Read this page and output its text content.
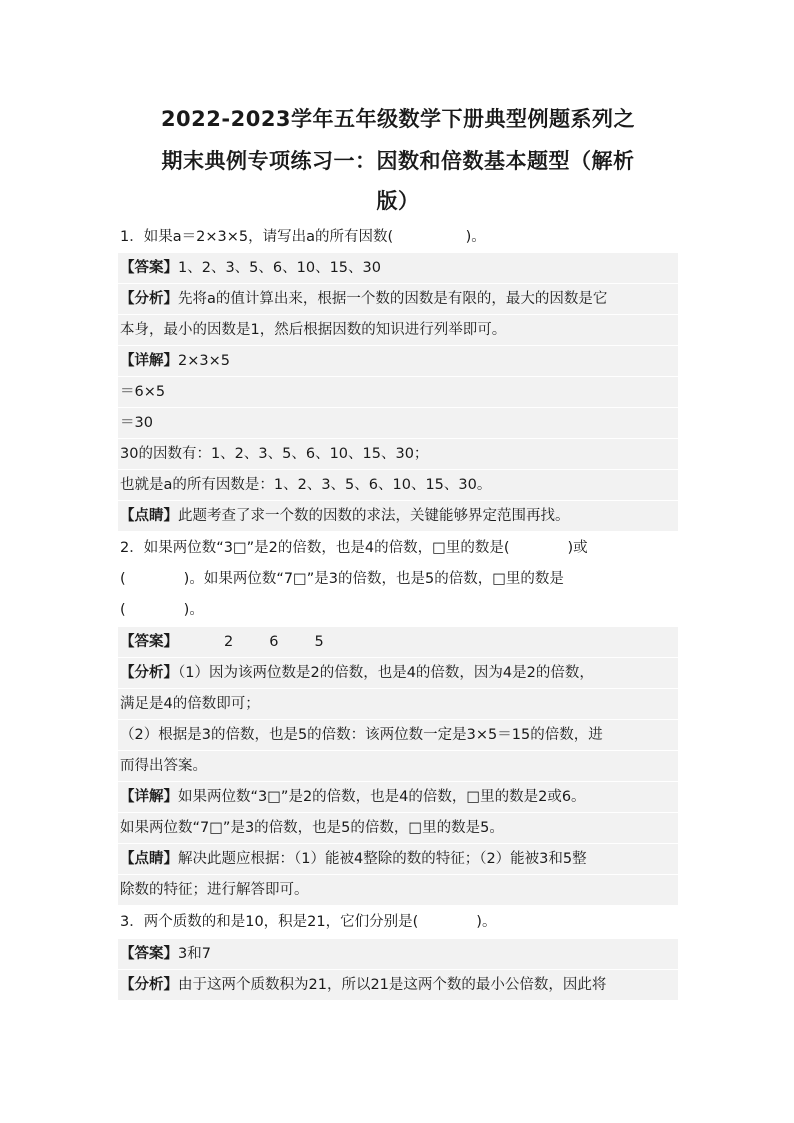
2022-2023学年五年级数学下册典型例题系列之
期末典例专项练习一：因数和倍数基本题型（解析
版）
1．如果a＝2×3×5，请写出a的所有因数(　　　　　)。
【答案】1、2、3、5、6、10、15、30
【分析】先将a的值计算出来，根据一个数的因数是有限的，最大的因数是它
本身，最小的因数是1，然后根据因数的知识进行列举即可。
【详解】2×3×5
＝6×5
＝30
30的因数有：1、2、3、5、6、10、15、30；
也就是a的所有因数是：1、2、3、5、6、10、15、30。
【点睛】此题考查了求一个数的因数的求法，关键能够界定范围再找。
2．如果两位数“3□”是2的倍数，也是4的倍数，□里的数是(　　　　)或
(　　　　)。如果两位数“7□”是3的倍数，也是5的倍数，□里的数是
(　　　　)。
【答案】	2 6 5
【分析】（1）因为该两位数是2的倍数，也是4的倍数，因为4是2的倍数，
满足是4的倍数即可；
（2）根据是3的倍数，也是5的倍数：该两位数一定是3×5＝15的倍数，进
而得出答案。
【详解】如果两位数“3□”是2的倍数，也是4的倍数，□里的数是2或6。
如果两位数“7□”是3的倍数，也是5的倍数，□里的数是5。
【点睛】解决此题应根据：（1）能被4整除的数的特征；（2）能被3和5整
除数的特征；进行解答即可。
3．两个质数的和是10，积是21，它们分别是(　　　　)。
【答案】3和7
【分析】由于这两个质数积为21，所以21是这两个数的最小公倍数，因此将
